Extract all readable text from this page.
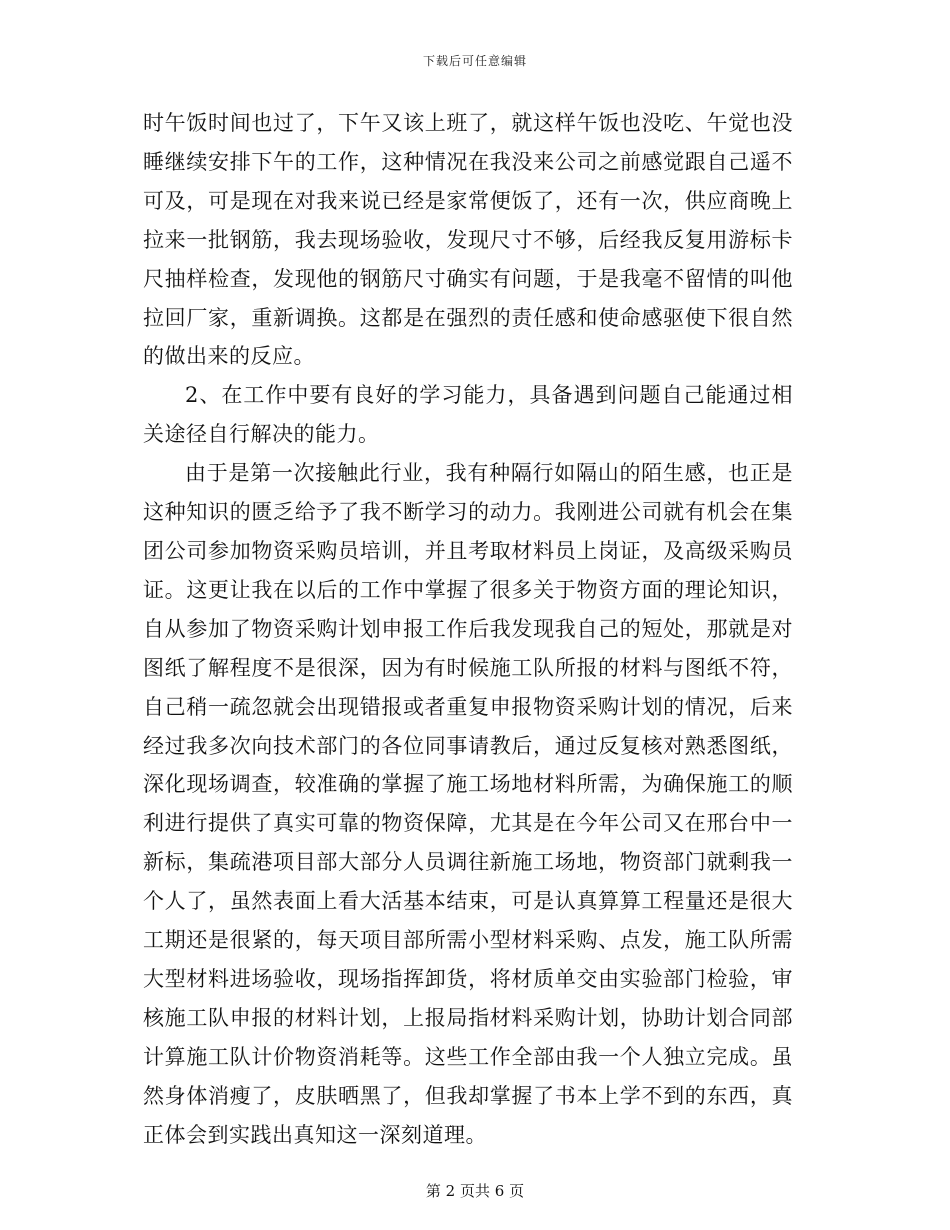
下载后可任意编辑

时午饭时间也过了，下午又该上班了，就这样午饭也没吃、午觉也没睡继续安排下午的工作，这种情况在我没来公司之前感觉跟自己遥不可及，可是现在对我来说已经是家常便饭了，还有一次，供应商晚上拉来一批钢筋，我去现场验收，发现尺寸不够，后经我反复用游标卡尺抽样检查，发现他的钢筋尺寸确实有问题，于是我毫不留情的叫他拉回厂家，重新调换。这都是在强烈的责任感和使命感驱使下很自然的做出来的反应。

2、在工作中要有良好的学习能力，具备遇到问题自己能通过相关途径自行解决的能力。

由于是第一次接触此行业，我有种隔行如隔山的陌生感，也正是这种知识的匮乏给予了我不断学习的动力。我刚进公司就有机会在集团公司参加物资采购员培训，并且考取材料员上岗证，及高级采购员证。这更让我在以后的工作中掌握了很多关于物资方面的理论知识，自从参加了物资采购计划申报工作后我发现我自己的短处，那就是对图纸了解程度不是很深，因为有时候施工队所报的材料与图纸不符，自己稍一疏忽就会出现错报或者重复申报物资采购计划的情况，后来经过我多次向技术部门的各位同事请教后，通过反复核对熟悉图纸，深化现场调查，较准确的掌握了施工场地材料所需，为确保施工的顺利进行提供了真实可靠的物资保障，尤其是在今年公司又在邢台中一新标，集疏港项目部大部分人员调往新施工场地，物资部门就剩我一个人了，虽然表面上看大活基本结束，可是认真算算工程量还是很大工期还是很紧的，每天项目部所需小型材料采购、点发，施工队所需大型材料进场验收，现场指挥卸货，将材质单交由实验部门检验，审核施工队申报的材料计划，上报局指材料采购计划，协助计划合同部计算施工队计价物资消耗等。这些工作全部由我一个人独立完成。虽然身体消瘦了，皮肤晒黑了，但我却掌握了书本上学不到的东西，真正体会到实践出真知这一深刻道理。

第 2 页共 6 页
